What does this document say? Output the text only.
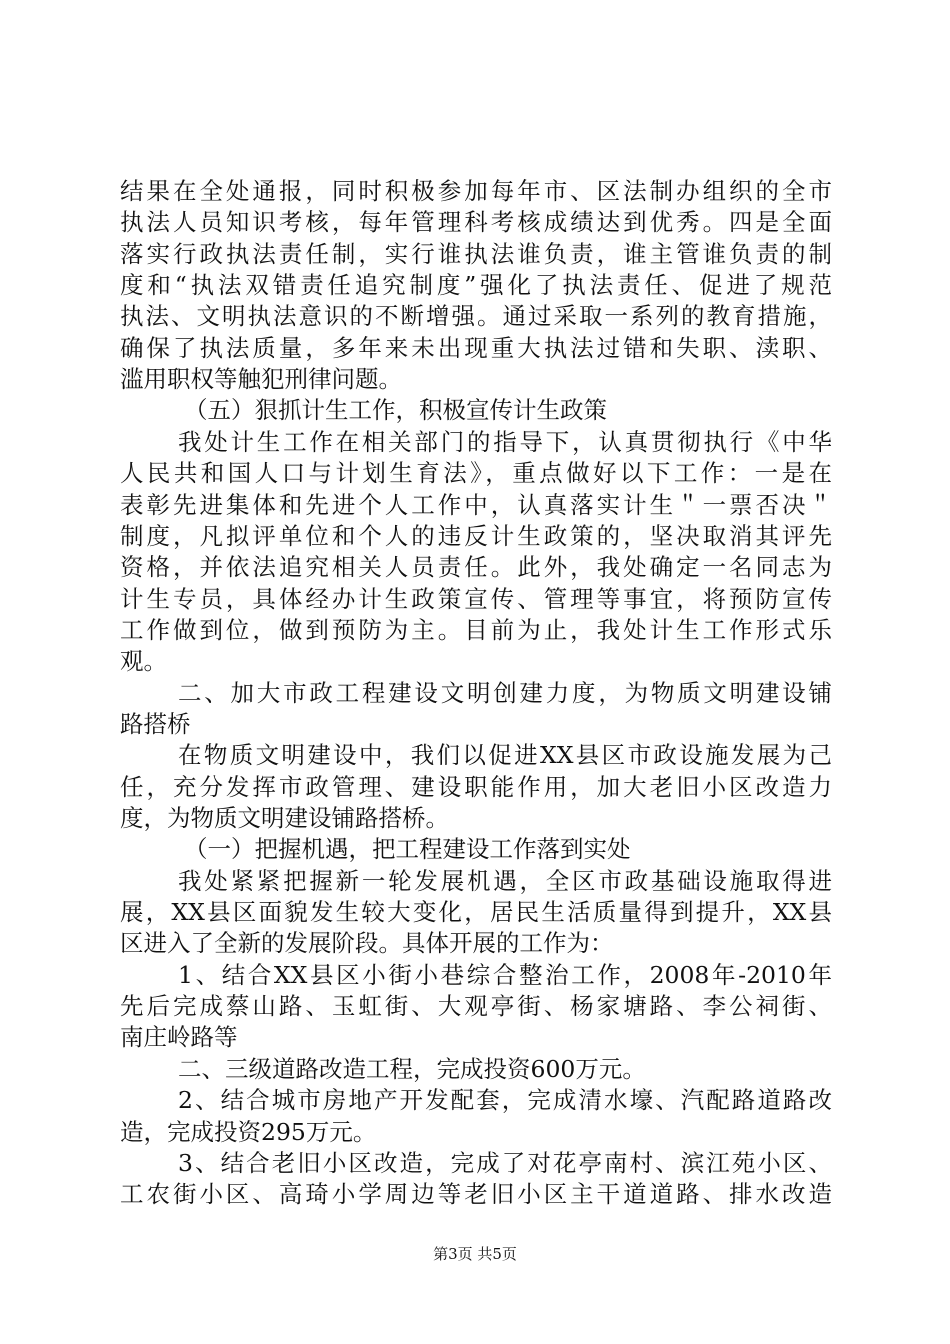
结果在全处通报，同时积极参加每年市、区法制办组织的全市
执法人员知识考核，每年管理科考核成绩达到优秀。四是全面
落实行政执法责任制，实行谁执法谁负责，谁主管谁负责的制
度和“执法双错责任追究制度”强化了执法责任、促进了规范
执法、文明执法意识的不断增强。通过采取一系列的教育措施，
确保了执法质量，多年来未出现重大执法过错和失职、渎职、
滥用职权等触犯刑律问题。
（五）狠抓计生工作，积极宣传计生政策
我处计生工作在相关部门的指导下，认真贯彻执行《中华
人民共和国人口与计划生育法》，重点做好以下工作：一是在
表彰先进集体和先进个人工作中，认真落实计生＂一票否决＂
制度，凡拟评单位和个人的违反计生政策的，坚决取消其评先
资格，并依法追究相关人员责任。此外，我处确定一名同志为
计生专员，具体经办计生政策宣传、管理等事宜，将预防宣传
工作做到位，做到预防为主。目前为止，我处计生工作形式乐
观。
二、加大市政工程建设文明创建力度，为物质文明建设铺
路搭桥
在物质文明建设中，我们以促进XX县区市政设施发展为己
任，充分发挥市政管理、建设职能作用，加大老旧小区改造力
度，为物质文明建设铺路搭桥。
（一）把握机遇，把工程建设工作落到实处
我处紧紧把握新一轮发展机遇，全区市政基础设施取得进
展，XX县区面貌发生较大变化，居民生活质量得到提升，XX县
区进入了全新的发展阶段。具体开展的工作为：
1、结合XX县区小街小巷综合整治工作，2008年-2010年
先后完成蔡山路、玉虹街、大观亭街、杨家塘路、李公祠街、
南庄岭路等
二、三级道路改造工程，完成投资600万元。
2、结合城市房地产开发配套，完成清水壕、汽配路道路改
造，完成投资295万元。
3、结合老旧小区改造，完成了对花亭南村、滨江苑小区、
工农街小区、高琦小学周边等老旧小区主干道道路、排水改造
第3页 共5页
